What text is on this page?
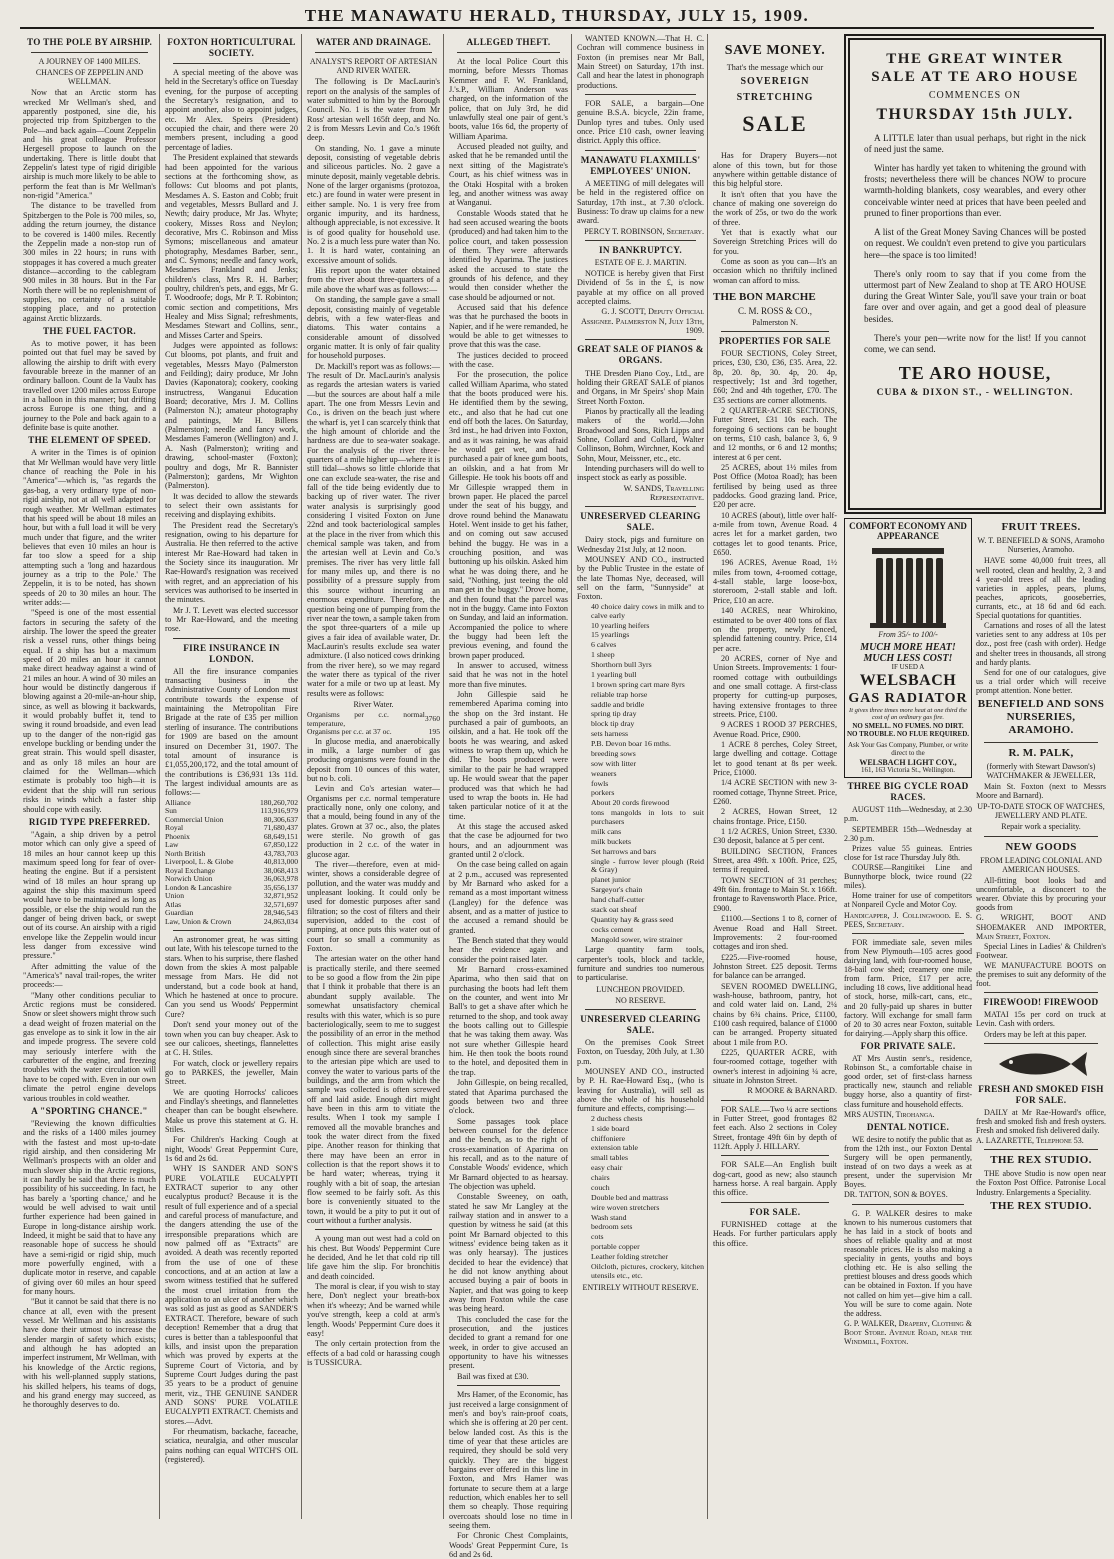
THE MANAWATU HERALD, THURSDAY, JULY 15, 1909.
TO THE POLE BY AIRSHIP.
A JOURNEY OF 1400 MILES.
CHANCES OF ZEPPELIN AND WELLMAN.

Now that an Arctic storm has wrecked Mr Wellman's shed, and apparently postponed, sine die, his projected trip from Spitzbergen to the Pole—and back again—Count Zeppelin and his great colleague Professor Hergesell propose to launch on the undertaking. There is little doubt that Zeppelin's latest type of rigid dirigible airship is much more likely to be able to perform the feat than is Mr Wellman's non-rigid "America."

The distance to be travelled from Spitzbergen to the Pole is 700 miles, so, adding the return journey, the distance to be covered is 1400 miles. Recently the Zeppelin made a non-stop run of 300 miles in 22 hours; in runs with stoppages it has covered a much greater distance—according to the cablegram 900 miles in 38 hours. But in the Far North there will be no replenishment of supplies, no certainty of a suitable stopping place, and no protection against Arctic blizzards.

THE FUEL FACTOR.

As to motive power, it has been pointed out that fuel may be saved by allowing the airship to drift with every favourable breeze in the manner of an ordinary balloon. Count de la Vaulx has travelled over 1200 miles across Europe in a balloon in this manner; but drifting across Europe is one thing, and a journey to the Pole and back again to a definite base is quite another.

THE ELEMENT OF SPEED.

A writer in the Times is of opinion that Mr Wellman would have very little chance of reaching the Pole in his "America"—which is, "as regards the gas-bag, a very ordinary type of non-rigid airship, not at all well adapted for rough weather. Mr Wellman estimates that his speed will be about 18 miles an hour, but with a full load it will be very much under that figure, and the writer believes that even 10 miles an hour is far too slow a speed for a ship attempting such a 'long and hazardous journey as a trip to the Pole.' The Zeppelin, it is to be noted, has shown speeds of 20 to 30 miles an hour. The writer adds:—

"Speed is one of the most essential factors in securing the safety of the airship. The lower the speed the greater risk a vessel runs, other things being equal. If a ship has but a maximum speed of 20 miles an hour it cannot make direct headway against a wind of 21 miles an hour. A wind of 30 miles an hour would be distinctly dangerous if blowing against a 20-mile-an-hour ship, since, as well as blowing it backwards, it would probably buffet it, tend to swing it round broadside, and even lead up to the danger of the non-rigid gas envelope buckling or bending under the great strain. This would spell disaster, and as only 18 miles an hour are claimed for the Wellman—which estimate is probably too high—it is evident that the ship will run serious risks in winds which a faster ship should cope with easily.

RIGID TYPE PREFERRED.

"Again, a ship driven by a petrol motor which can only give a speed of 18 miles an hour cannot keep up this maximum speed long for fear of over-heating the engine. But if a persistent wind of 18 miles an hour sprang up against the ship this maximum speed would have to be maintained as long as possible, or else the ship would run the danger of being driven back, or swept out of its course. An airship with a rigid envelope like the Zeppelin would incur less danger from excessive wind pressure."

After admitting the value of the "America's" naval trail-ropes, the writer proceeds:—

"Many other conditions peculiar to Arctic regions must be considered. Snow or sleet showers might throw such a dead weight of frozen material on the gas envelope as to sink it low in the air and impede progress. The severe cold may seriously interfere with the carburetter of the engine, and freezing troubles with the water circulation will have to be coped with. Even in our own climate the petrol engine develops various troubles in cold weather.

A "SPORTING CHANCE."

"Reviewing the known difficulties and the risks of a 1400 miles journey with the fastest and most up-to-date rigid airship, and then considering Mr Wellman's prospects with an older and much slower ship in the Arctic regions, it can hardly be said that there is much possibility of his succeeding. In fact, he has barely a 'sporting chance,' and he would be well advised to wait until further experience had been gained in Europe in long-distance airship work. Indeed, it might be said that to have any reasonable hope of success he should have a semi-rigid or rigid ship, much more powerfully engined, with a duplicate motor in reserve, and capable of giving over 60 miles an hour speed for many hours.

"But it cannot be said that there is no chance at all, even with the present vessel. Mr Wellman and his assistants have done their utmost to increase the slender margin of safety which exists; and although he has adopted an imperfect instrument, Mr Wellman, with his knowledge of the Arctic regions, with his well-planned supply stations, his skilled helpers, his teams of dogs, and his grand energy may succeed, as he thoroughly deserves to do.

FOXTON HORTICULTURAL SOCIETY.

A special meeting of the above was held in the Secretary's office on Tuesday evening, for the purpose of accepting the Secretary's resignation, and to appoint another, also to appoint judges, etc. Mr Alex. Speirs (President) occupied the chair, and there were 20 members present, including a good percentage of ladies.

The President explained that stewards had been appointed for the various sections at the forthcoming show, as follows: Cut blooms and pot plants, Mesdames A. S. Easton and Cobb; fruit and vegetables, Messrs Bullard and J. Newth; dairy produce, Mr Jas. Whyte; cookery, Misses Ross and Neylon; decorative, Mrs C. Robinson and Miss Symons; miscellaneous and amateur photography, Mesdames Barber, senr., and C. Symons; needle and fancy work, Mesdames Frankland and Jenks; children's class, Mrs R. H. Barber; poultry, children's pets, and eggs, Mr G. T. Woodroofe; dogs, Mr P. T. Robinton; comic section and competitions, Mrs Healey and Miss Signal; refreshments, Mesdames Stewart and Collins, senr., and Misses Carter and Speirs.

Judges were appointed as follows: Cut blooms, pot plants, and fruit and vegetables, Messrs Mayo (Palmerston and Feilding); dairy produce, Mr John Davies (Kaponatora); cookery, cooking instructress, Wanganui Education Board; decorative, Mrs J. M. Collins (Palmerston N.); amateur photography and paintings, Mr H. Billens (Palmerston); needle and fancy work, Mesdames Fameron (Wellington) and J. A. Nash (Palmerston); writing and drawing, school-master (Foxton); poultry and dogs, Mr R. Bannister (Palmerston); gardens, Mr Wighton (Palmerston).

It was decided to allow the stewards to select their own assistants for receiving and displaying exhibits.

The President read the Secretary's resignation, owing to his departure for Australia. He then referred to the active interest Mr Rae-Howard had taken in the Society since its inauguration. Mr Rae-Howard's resignation was received with regret, and an appreciation of his services was authorised to be inserted in the minutes.

Mr J. T. Levett was elected successor to Mr Rae-Howard, and the meeting rose.

FIRE INSURANCE IN LONDON.

All the fire insurance companies transacting business in the Administrative County of London must contribute towards the expense of maintaining the Metropolitan Fire Brigade at the rate of £35 per million sterling of insurance. The contributions for 1909 are based on the amount insured on December 31, 1907. The total amount of insurance is £1,055,200,172, and the total amount of the contributions is £36,931 13s 11d. The largest individual amounts are as follows:—

Alliance	180,260,702
Sun	113,916,979
Commercial Union	80,306,637
Royal	71,680,437
Phoenix	68,649,151
Law	67,850,122
North British	43,783,703
Liverpool, L. & Globe	40,813,000
Royal Exchange	38,068,413
Norwich Union	36,063,978
London & Lancashire	35,656,137
Union	32,871,952
Atlas	32,571,697
Guardian	28,946,543
Law, Union & Crown	24,863,034

An astronomer great, he was sitting out late, With his telescope turned to the stars. When to his surprise, there flashed down from the skies A most palpable message from Mars. He did not understand, but a code book at hand, Which he hastened at once to procure. Can you send us Woods' Peppermint Cure?

Don't send your money out of the town when you can buy cheaper. Ask to see our calicoes, sheetings, flannelettes at C. H. Stiles.

For watch, clock or jewellery repairs go to PARKES, the jeweller, Main Street.

We are quoting Horrocks' calicoes and Findlay's sheetings, and flannelettes cheaper than can be bought elsewhere. Make us prove this statement at G. H. Stiles.

For Children's Hacking Cough at night, Woods' Great Peppermint Cure, 1s 6d and 2s 6d.

WHY IS SANDER AND SON'S PURE VOLATILE EUCALYPTI EXTRACT superior to any other eucalyptus product? Because it is the result of full experience and of a special and careful process of manufacture, and the dangers attending the use of the irresponsible preparations which are now palmed off as "Extracts" are avoided. A death was recently reported from the use of one of these concoctions, and at an action at law a sworn witness testified that he suffered the most cruel irritation from the application to an ulcer of another which was sold as just as good as SANDER'S EXTRACT. Therefore, beware of such deception! Remember that a drug that cures is better than a tablespoonful that kills, and insist upon the preparation which was proved by experts at the Supreme Court of Victoria, and by Supreme Court Judges during the past 35 years to be a product of genuine merit, viz., THE GENUINE SANDER AND SONS' PURE VOLATILE EUCALYPTI EXTRACT. Chemists and stores.—Advt.

For rheumatism, backache, faceache, sciatica, neuralgia, and other muscular pains nothing can equal WITCH'S OIL (registered).

WATER AND DRAINAGE.
ANALYST'S REPORT OF ARTESIAN AND RIVER WATER.

The following is Dr MacLaurin's report on the analysis of the samples of water submitted to him by the Borough Council. No. 1 is the water from Mr Ross' artesian well 165ft deep, and No. 2 is from Messrs Levin and Co.'s 196ft deep.

On standing, No. 1 gave a minute deposit, consisting of vegetable debris and siliceous particles. No. 2 gave a minute deposit, mainly vegetable debris. None of the larger organisms (protozoa, etc.) are found in water were present in either sample. No. 1 is very free from organic impurity, and its hardness, although appreciable, is not excessive. It is of good quality for household use. No. 2 is a much less pure water than No. 1. It is hard water, containing an excessive amount of solids.

His report upon the water obtained from the river about three-quarters of a mile above the wharf was as follows:—

On standing, the sample gave a small deposit, consisting mainly of vegetable debris, with a few water-fleas and diatoms. This water contains a considerable amount of dissolved organic matter. It is only of fair quality for household purposes.

Dr. Mackill's report was as follows:—The result of Dr. MacLaurin's analysis as regards the artesian waters is varied—but the sources are about half a mile apart. The one from Messrs Levin and Co., is driven on the beach just where the wharf is, yet I can scarcely think that the high amount of chloride and the hardness are due to sea-water soakage. For the analysis of the river three-quarters of a mile higher up—where it is still tidal—shows so little chloride that one can exclude sea-water, the rise and fall of the tide being evidently due to backing up of river water. The river water analysis is surprisingly good considering I visited Foxton on June 22nd and took bacteriological samples at the place in the river from which this chemical sample was taken, and from the artesian well at Levin and Co.'s premises. The river has very little fall for many miles up, and there is no possibility of a pressure supply from this source without incurring an enormous expenditure. Therefore, the question being one of pumping from the river near the town, a sample taken from the spot three-quarters of a mile up gives a fair idea of available water, Dr. MacLaurin's results exclude sea water admixture. (I also noticed cows drinking from the river here), so we may regard the water there as typical of the river water for a mile or two up at least. My results were as follows:

River Water.
Organisms per c.c. normal temperature,	3760
Organisms per c.c. at 37 oc.	195

In glucose media, and anaerobically in milk, a large number of gas producing organisms were found in the deposit from 10 ounces of this water, but no b. coli.

Levin and Co's artesian water—Organisms per c.c. normal temperature practically none, only one colony, and that a mould, being found in any of the plates. Grown at 37 oc., also, the plates were sterile. No growth of gas production in 2 c.c. of the water in glucose agar.

The river—therefore, even at mid-winter, shows a considerable degree of pollution, and the water was muddy and unpleasant looking. It could only be used for domestic purposes after sand filtration; so the cost of filters and their supervision, added to the cost of pumping, at once puts this water out of court for so small a community as Foxton.

The artesian water on the other hand is practically sterile, and there seemed to be so good a flow from the 2in pipe that I think it probable that there is an abundant supply available. The somewhat unsatisfactory chemical results with this water, which is so pure bacteriologically, seem to me to suggest the possibility of an error in the method of collection. This might arise easily enough since there are several branches to the artesian pipe which are used to convey the water to various parts of the buildings, and the arm from which the sample was collected is often screwed off and laid aside. Enough dirt might have been in this arm to vitiate the results. When I took my sample I removed all the movable branches and took the water direct from the fixed pipe. Another reason for thinking that there may have been an error in collection is that the report shows it to be hard water; whereas, trying it roughly with a bit of soap, the artesian flow seemed to be fairly soft. As this bore is conveniently situated to the town, it would be a pity to put it out of court without a further analysis.

A young man out west had a cold on his chest. But Woods' Peppermint Cure he decided, And he let that cold rip till life gave him the slip. For bronchitis and death coincided.

The moral is clear, if you wish to stay here, Don't neglect your breath-box when it's wheezy; And be warned while you've strength, keep a cold at arm's length. Woods' Peppermint Cure does it easy!

The only certain protection from the effects of a bad cold or harassing cough is TUSSICURA.

ALLEGED THEFT.

At the local Police Court this morning, before Messrs Thomas Kemmer and F. W. Frankland, J.'s.P., William Anderson was charged, on the information of the police, that on July 3rd, he did unlawfully steal one pair of gent.'s boots, value 16s 6d, the property of William Aparima.

Accused pleaded not guilty, and asked that he be remanded until the next sitting of the Magistrate's Court, as his chief witness was in the Otaki Hospital with a broken leg, and another witness was away at Wanganui.

Constable Woods stated that he had seen accused wearing the boots (produced) and had taken him to the police court, and taken possession of them. They were afterwards identified by Aparima. The justices asked the accused to state the grounds of his defence, and they would then consider whether the case should be adjourned or not.

Accused said that his defence was that he purchased the boots in Napier, and if he were remanded, he would be able to get witnesses to prove that this was the case.

The justices decided to proceed with the case.

For the prosecution, the police called William Aparima, who stated that the boots produced were his. He identified them by the sewing, etc., and also that he had cut one end off both the laces. On Saturday, 3rd inst., he had driven into Foxton, and as it was raining, he was afraid he would get wet, and had purchased a pair of knee gum boots, an oilskin, and a hat from Mr Gillespie. He took his boots off and Mr Gillespie wrapped them in brown paper. He placed the parcel under the seat of his buggy, and drove round behind the Manawatu Hotel. Went inside to get his father, and on coming out saw accused behind the buggy. He was in a crouching position, and was buttoning up his oilskin. Asked him what he was doing there, and he said, "Nothing, just teeing the old man get in the buggy." Drove home, and then found that the parcel was not in the buggy. Came into Foxton on Sunday, and laid an information. Accompanied the police to where the buggy had been left the previous evening, and found the brown paper produced.

In answer to accused, witness said that he was not in the hotel more than five minutes.

John Gillespie said he remembered Aparima coming into the shop on the 3rd instant. He purchased a pair of gumboots, an oilskin, and a hat. He took off the boots he was wearing, and asked witness to wrap them up, which he did. The boots produced were similar to the pair he had wrapped up. He would swear that the paper produced was that which he had used to wrap the boots in. He had taken particular notice of it at the time.

At this stage the accused asked that the case be adjourned for two hours, and an adjournment was granted until 2 o'clock.

On the case being called on again at 2 p.m., accused was represented by Mr Barnard who asked for a remand as a most important witness (Langley) for the defence was absent, and as a matter of justice to the accused a remand should be granted.

The Bench stated that they would hear the evidence again and consider the point raised later.

Mr Barnard cross-examined Aparima, who then said that on purchasing the boots had left them on the counter, and went into Mr Ball's to get a shave after which he returned to the shop, and took away the boots calling out to Gillespie that he was taking them away. Was not sure whether Gillespie heard him. He then took the boots round to the hotel, and deposited them in the trap.

John Gillespie, on being recalled, stated that Aparima purchased the goods between two and three o'clock.

Some passages took place between counsel for the defence and the bench, as to the right of cross-examination of Aparima on his recall, and as to the nature of Constable Woods' evidence, which Mr Barnard objected to as hearsay. The objection was upheld.

Constable Sweeney, on oath, stated he saw Mr Langley at the railway station and in answer to a question by witness he said (at this point Mr Barnard objected to this witness' evidence being taken as it was only hearsay). The justices decided to hear the evidence) that he did not know anything about accused buying a pair of boots in Napier, and that was going to keep away from Foxton while the case was being heard.

This concluded the case for the prosecution, and the justices decided to grant a remand for one week, in order to give accused an opportunity to have his witnesses present.

Bail was fixed at £30.

Mrs Hamer, of the Economic, has just received a large consignment of men's and boy's rain-proof coats, which she is offering at 20 per cent. below landed cost. As this is the time of year that these articles are required, they should be sold very quickly. They are the biggest bargains ever offered in this line in Foxton, and Mrs Hamer was fortunate to secure them at a large reduction, which enables her to sell them so cheaply. Those requiring overcoats should lose no time in seeing them.

For Chronic Chest Complaints, Woods' Great Peppermint Cure, 1s 6d and 2s 6d.

WANTED KNOWN.—That H. C. Cochran will commence business in Foxton (in premises near Mr Ball, Main Street) on Saturday, 17th inst. Call and hear the latest in phonograph productions.

FOR SALE, a bargain—One genuine B.S.A. bicycle, 22in frame, Dunlop tyres and tubes. Only used once. Price £10 cash, owner leaving district. Apply this office.

MANAWATU FLAXMILLS' EMPLOYEES' UNION.

A MEETING of mill delegates will be held in the registered office on Saturday, 17th inst., at 7.30 o'clock. Business: To draw up claims for a new award.

PERCY T. ROBINSON, Secretary.

IN BANKRUPTCY.
ESTATE OF E. J. MARTIN.

NOTICE is hereby given that First Dividend of 5s in the £, is now payable at my office on all proved accepted claims.

G. J. SCOTT, Deputy Official Assignee. Palmerston N, July 13th, 1909.

GREAT SALE OF PIANOS & ORGANS.

THE Dresden Piano Coy., Ltd., are holding their GREAT SALE of pianos and Organs, in Mr Speirs' shop Main Street North Foxton.

Pianos by practically all the leading makers of the world.—John Broadwood and Sons, Rich Lipps and Sohne, Collard and Collard, Walter Collinson, Bohm, Wirchner, Kock and Sohn, Mour, Meissner, etc., etc.

Intending purchasers will do well to inspect stock as early as possible.

W. SANDS, Travelling Representative.

UNRESERVED CLEARING SALE.

Dairy stock, pigs and furniture on Wednesday 21st July, at 12 noon.

MOUNSEY AND CO., instructed by the Public Trustee in the estate of the late Thomas Nye, deceased, will sell on the farm, "Sunnyside" at Foxton.

40 choice dairy cows in milk and to calve early

10 yearling heifers

15 yearlings

6 calves

1 sheep

Shorthorn bull 3yrs

1 yearling bull

1 brown spring cart mare 8yrs

reliable trap horse

saddle and bridle

spring tip dray

block tip dray

sets harness

P.B. Devon boar 16 mths.

breeding sows

sow with litter

weaners

fowls

porkers

About 20 cords firewood

tons mangolds in lots to suit purchasers

milk cans

milk buckets

Set harrows and bars

single - furrow lever plough (Reid & Gray)

planet junior

Sargeyor's chain

hand chaff-cutter

stack oat sheaf

Quantity hay & grass seed

cocks cement

Mangold sower, wire strainer

Large quantity farm tools, carpenter's tools, block and tackle, furniture and sundries too numerous to particularise.

LUNCHEON PROVIDED.
NO RESERVE.
UNRESERVED CLEARING SALE.

On the premises Cook Street Foxton, on Tuesday, 20th July, at 1.30 p.m.

MOUNSEY AND CO., instructed by P. H. Rae-Howard Esq., (who is leaving for Australia), will sell as above the whole of his household furniture and effects, comprising:—

2 duchess chests

1 side board

chiffoniere

extension table

small tables

easy chair

chairs

couch

Double bed and mattrass

wire woven stretchers

Wash stand

bedroom sets

cots

portable copper

Leather folding stretcher

Oilcloth, pictures, crockery, kitchen utensils etc., etc.

ENTIRELY WITHOUT RESERVE.
SAVE MONEY.
That's the message which our
SOVEREIGN
STRETCHING
SALE

Has for Drapery Buyers—not alone of this town, but for those anywhere within gettable distance of this big helpful store.

It isn't often that you have the chance of making one sovereign do the work of 25s, or two do the work of three.

Yet that is exactly what our Sovereign Stretching Prices will do for you.

Come as soon as you can—It's an occasion which no thriftily inclined woman can afford to miss.

THE BON MARCHE
C. M. ROSS & CO.,
Palmerston N.
PROPERTIES FOR SALE

FOUR SECTIONS, Coley Street, prices, £30, £30, £36, £35. Area, 22. 8p, 20. 8p, 30. 4p, 20. 4p, respectively; 1st and 3rd together, £60; 2nd and 4th together, £70. The £35 sections are corner allotments.

2 QUARTER-ACRE SECTIONS, Futter Street, £31 10s each. The foregoing 6 sections can be bought on terms, £10 cash, balance 3, 6, 9 and 12 months, or 6 and 12 months; interest at 6 per cent.

25 ACRES, about 1½ miles from Post Office (Motoa Road); has been fertilised by being used as three paddocks. Good grazing land. Price, £20 per acre.

10 ACRES (about), little over half-a-mile from town, Avenue Road. 4 acres let for a market garden, two cottages let to good tenants. Price, £650.

196 ACRES, Avenue Road, 1½ miles from town, 4-roomed cottage, 4-stall stable, large loose-box, storeroom, 2-stall stable and loft. Price, £10 an acre.

140 ACRES, near Whirokino, estimated to be over 400 tons of flax on the property, newly fenced, splendid fattening country. Price, £14 per acre.

20 ACRES, corner of Nye and Union Streets. Improvements: 1 four-roomed cottage with outbuildings and one small cottage. A first-class property for cutting-up purposes, having extensive frontages to three streets. Price, £100.

9 ACRES 1 ROOD 37 PERCHES, Avenue Road. Price, £900.

1 ACRE 8 perches, Coley Street, large dwelling and cottage. Cottage let to good tenant at 8s per week. Price, £1000.

1/4 ACRE SECTION with new 3-roomed cottage, Thynne Street. Price, £260.

2 ACRES, Howan Street, 12 chains frontage. Price, £150.

1 1/2 ACRES, Union Street, £330. £30 deposit, balance at 5 per cent.

BUILDING SECTION, Frances Street, area 49ft. x 100ft. Price, £25, terms if required.

TOWN SECTION of 31 perches; 49ft 6in. frontage to Main St. x 166ft. frontage to Ravensworth Place. Price, £900.

£1100.—Sections 1 to 8, corner of Avenue Road and Hall Street. Improvements: 2 four-roomed cottages and iron shed.

£225.—Five-roomed house, Johnston Street. £25 deposit. Terms for balance can be arranged.

SEVEN ROOMED DWELLING, wash-house, bathroom, pantry, hot and cold water laid on. Land, 2¼ chains by 6¾ chains. Price, £1100, £100 cash required, balance of £1000 can be arranged. Property situated about 1 mile from P.O.

£225, QUARTER ACRE, with four-roomed cottage, together with owner's interest in adjoining ¼ acre, situate in Johnston Street.

R MOORE & BARNARD.

FOR SALE.—Two ¼ acre sections in Futter Street, good frontages 82 feet each. Also 2 sections in Coley Street, frontage 49ft 6in by depth of 112ft. Apply J. HILLARY.

FOR SALE—An English built dog-cart, good as new; also staunch harness horse. A real bargain. Apply this office.

FOR SALE.

FURNISHED cottage at the Heads. For further particulars apply this office.

THE GREAT WINTER
SALE AT TE ARO HOUSE
COMMENCES ON
THURSDAY 15th JULY.

A LITTLE later than usual perhaps, but right in the nick of need just the same.

Winter has hardly yet taken to whitening the ground with frosts; nevertheless there will be chances NOW to procure warmth-holding blankets, cosy wearables, and every other conceivable winter need at prices that have been peeled and pruned to finer proportions than ever.

A list of the Great Money Saving Chances will be posted on request. We couldn't even pretend to give you particulars here—the space is too limited!

There's only room to say that if you come from the uttermost part of New Zealand to shop at TE ARO HOUSE during the Great Winter Sale, you'll save your train or boat fare over and over again, and get a good deal of pleasure besides.

There's your pen—write now for the list! If you cannot come, we can send.

TE ARO HOUSE,
CUBA & DIXON ST., - WELLINGTON.
COMFORT ECONOMY AND APPEARANCE
From 35/- to 100/-
MUCH MORE HEAT! MUCH LESS COST!
IF USED A
WELSBACH
GAS RADIATOR
It gives three times more heat at one third the cost of an ordinary gas fire.
NO SMELL. NO FUMES. NO DIRT. NO TROUBLE. NO FLUE REQUIRED.
Ask Your Gas Company, Plumber, or write direct to the
WELSBACH LIGHT COY.,
161, 163 Victoria St., Wellington.
THREE BIG CYCLE ROAD RACES.

AUGUST 11th—Wednesday, at 2.30 p.m.

SEPTEMBER 15th—Wednesday at 2.30 p.m.

Prizes value 55 guineas. Entries close for 1st race Thursday July 8th.

COURSE—Rangitikei Line and Bunnythorpe block, twice round (22 miles).

Home trainer for use of competitors at Nonpareil Cycle and Motor Coy.

Handicapper, J. Collingwood. E. S. PEES, Secretary.

FOR immediate sale, seven miles from New Plymouth—105 acres good dairying land, with four-roomed house, 18-bail cow shed; creamery one mile from farm. Price, £17 per acre, including 18 cows, live additional head of stock, horse, milk-cart, cans, etc., and 20 fully-paid up shares in butter factory. Will exchange for small farm of 20 to 30 acres near Foxton, suitable for dairying.—Apply sharp this office.

FOR PRIVATE SALE.

AT Mrs Austin senr's., residence, Robinson St., a comfortable chaise in good order, set of first-class harness practically new, staunch and reliable buggy horse, also a quantity of first-class furniture and household effects.

MRS AUSTIN, Tirohanga.

DENTAL NOTICE.

WE desire to notify the public that as from the 12th inst., our Foxton Dental Surgery will be open permanently, instead of on two days a week as at present, under the supervision Mr Boyes.

DR. TATTON, SON & BOYES.

G. P. WALKER desires to make known to his numerous customers that he has laid in a stock of boots and shoes of reliable quality and at most reasonable prices. He is also making a speciality in gents, youths and boys clothing etc. He is also selling the prettiest blouses and dress goods which can be obtained in Foxton. If you have not called on him yet—give him a call. You will be sure to come again. Note the address.

G. P. WALKER, Drapery, Clothing & Boot Store. Avenue Road, near the Windmill, Foxton.

FRUIT TREES.
W. T. BENEFIELD & SONS, Aramoho Nurseries, Aramoho.

HAVE some 40,000 fruit trees, all well rooted, clean and healthy, 2, 3 and 4 year-old trees of all the leading varieties in apples, pears, plums, peaches, apricots, gooseberries, currants, etc., at 18 6d and 6d each. Special quotations for quantities.

Carnations and roses of all the latest varieties sent to any address at 10s per doz., post free (cash with order). Hedge and shelter trees in thousands, all strong and hardy plants.

Send for one of our catalogues, give us a trial order which will receive prompt attention. None better.

BENEFIELD AND SONS NURSERIES, ARAMOHO.
R. M. PALK,
(formerly with Stewart Dawson's) WATCHMAKER & JEWELLER,

Main St. Foxton (next to Messrs Moore and Barnard).

UP-TO-DATE STOCK OF WATCHES, JEWELLERY AND PLATE.
Repair work a speciality.
NEW GOODS
FROM LEADING COLONIAL AND AMERICAN HOUSES.

All-fitting boot looks bad and uncomfortable, a disconcert to the wearer. Obviate this by procuring your goods from

G. WRIGHT, BOOT AND SHOEMAKER AND IMPORTER, Main Street, Foxton.

Special Lines in Ladies' & Children's Footwear.

WE MANUFACTURE BOOTS on the premises to suit any deformity of the foot.

FIREWOOD! FIREWOOD

MATAI 15s per cord on truck at Levin. Cash with orders.

Orders may be left at this paper.

FRESH AND SMOKED FISH FOR SALE.

DAILY at Mr Rae-Howard's office, fresh and smoked fish and fresh oysters. Fresh and smoked fish delivered daily.

A. LAZARETTE, Telephone 53.

THE REX STUDIO.

THE above Studio is now open near the Foxton Post Office. Patronise Local Industry. Enlargements a Speciality.

THE REX STUDIO.
